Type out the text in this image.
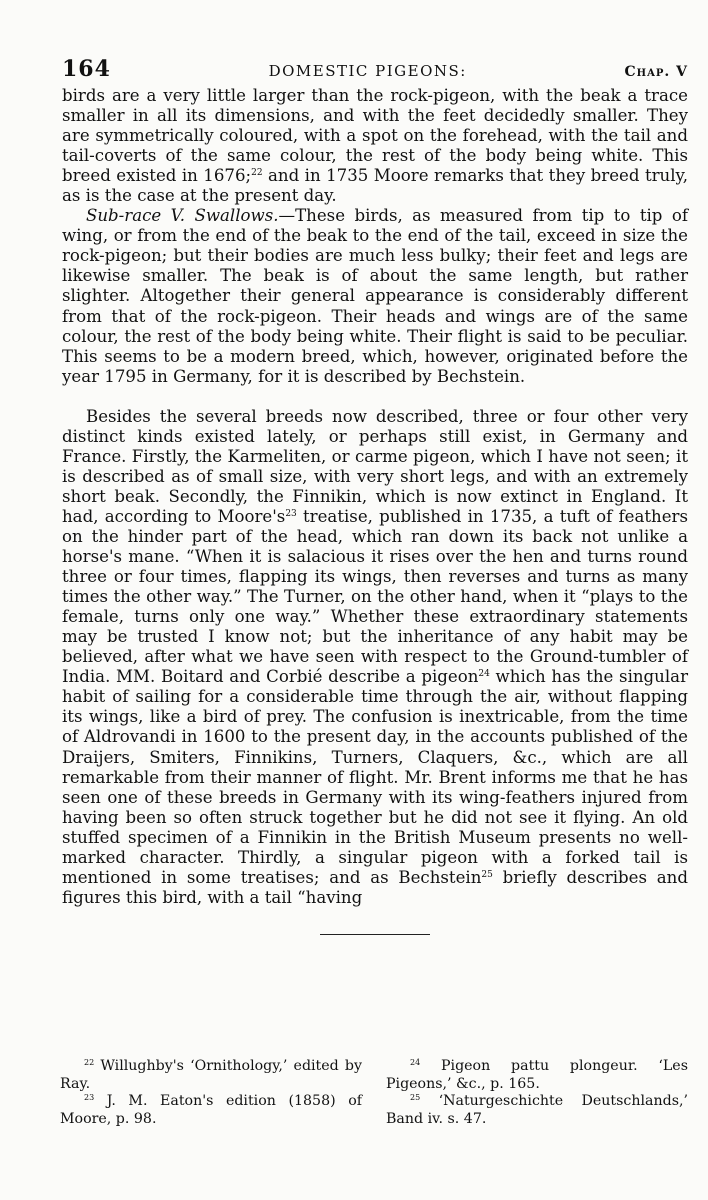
164	DOMESTIC PIGEONS:	Chap. V

birds are a very little larger than the rock-pigeon, with the beak a trace smaller in all its dimensions, and with the feet decidedly smaller. They are symmetrically coloured, with a spot on the forehead, with the tail and tail-coverts of the same colour, the rest of the body being white. This breed existed in 1676;$^{22}$ and in 1735 Moore remarks that they breed truly, as is the case at the present day.

Sub-race V. Swallows.—These birds, as measured from tip to tip of wing, or from the end of the beak to the end of the tail, exceed in size the rock-pigeon; but their bodies are much less bulky; their feet and legs are likewise smaller. The beak is of about the same length, but rather slighter. Altogether their general appearance is considerably different from that of the rock-pigeon. Their heads and wings are of the same colour, the rest of the body being white. Their flight is said to be peculiar. This seems to be a modern breed, which, however, originated before the year 1795 in Germany, for it is described by Bechstein.

Besides the several breeds now described, three or four other very distinct kinds existed lately, or perhaps still exist, in Germany and France. Firstly, the Karmeliten, or carme pigeon, which I have not seen; it is described as of small size, with very short legs, and with an extremely short beak. Secondly, the Finnikin, which is now extinct in England. It had, according to $Moore's^{23}$ treatise, published in 1735, a tuft of feathers on the hinder part of the head, which ran down its back not unlike a horse's mane. “When it is salacious it rises over the hen and turns round three or four times, flapping its wings, then reverses and turns as many times the other way.” The Turner, on the other hand, when it “plays to the female, turns only one way.” Whether these extraordinary statements may be trusted I know not; but the inheritance of any habit may be believed, after what we have seen with respect to the Ground-tumbler of India. MM. Boitard and Corbié describe a pigeon$^{24}$ which has the singular habit of sailing for a considerable time through the air, without flapping its wings, like a bird of prey. The confusion is inextricable, from the time of Aldrovandi in 1600 to the present day, in the accounts published of the Draijers, Smiters, Finnikins, Turners, Claquers, &c., which are all remarkable from their manner of flight. Mr. Brent informs me that he has seen one of these breeds in Germany with its wing-feathers injured from having been so often struck together but he did not see it flying. An old stuffed specimen of a Finnikin in the British Museum presents no well-marked character. Thirdly, a singular pigeon with a forked tail is mentioned in some treatises; and as Bechstein$^{25}$ briefly describes and figures this bird, with a tail “having

$^{22}$ Willughby's ‘Ornithology,’ edited by Ray.

$^{23}$ J. M. Eaton's edition (1858) of Moore, p. 98.

$^{24}$ Pigeon pattu plongeur. ‘Les Pigeons,’ &c., p. 165.

$^{25}$ ‘Naturgeschichte Deutschlands,’ Band iv. s. 47.
